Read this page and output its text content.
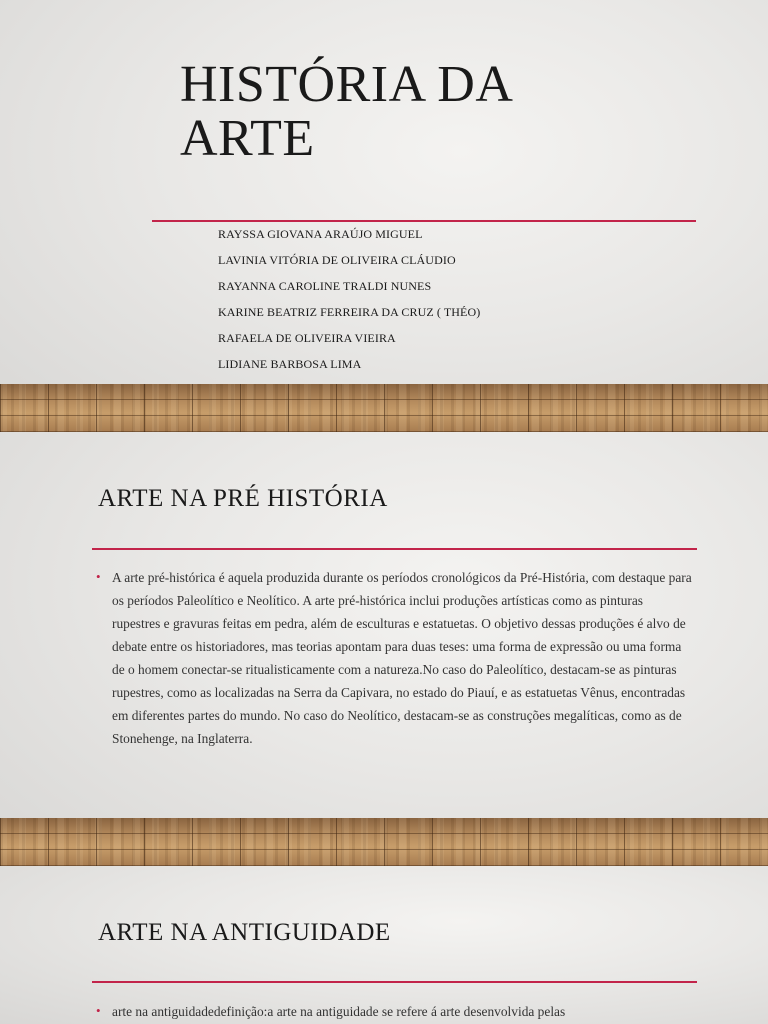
HISTÓRIA DA
ARTE
RAYSSA GIOVANA ARAÚJO MIGUEL
LAVINIA VITÓRIA DE OLIVEIRA CLÁUDIO
RAYANNA CAROLINE TRALDI NUNES
KARINE BEATRIZ FERREIRA DA CRUZ ( THÉO)
RAFAELA DE OLIVEIRA VIEIRA
LIDIANE BARBOSA LIMA
ARTE NA PRÉ HISTÓRIA
• A arte pré-histórica é aquela produzida durante os períodos cronológicos da Pré-História, com destaque para os períodos Paleolítico e Neolítico. A arte pré-histórica inclui produções artísticas como as pinturas rupestres e gravuras feitas em pedra, além de esculturas e estatuetas. O objetivo dessas produções é alvo de debate entre os historiadores, mas teorias apontam para duas teses: uma forma de expressão ou uma forma de o homem conectar-se ritualisticamente com a natureza.No caso do Paleolítico, destacam-se as pinturas rupestres, como as localizadas na Serra da Capivara, no estado do Piauí, e as estatuetas Vênus, encontradas em diferentes partes do mundo. No caso do Neolítico, destacam-se as construções megalíticas, como as de Stonehenge, na Inglaterra.
ARTE NA ANTIGUIDADE
• arte na antiguidadedefinição:a arte na antiguidade se refere á arte desenvolvida pelas
